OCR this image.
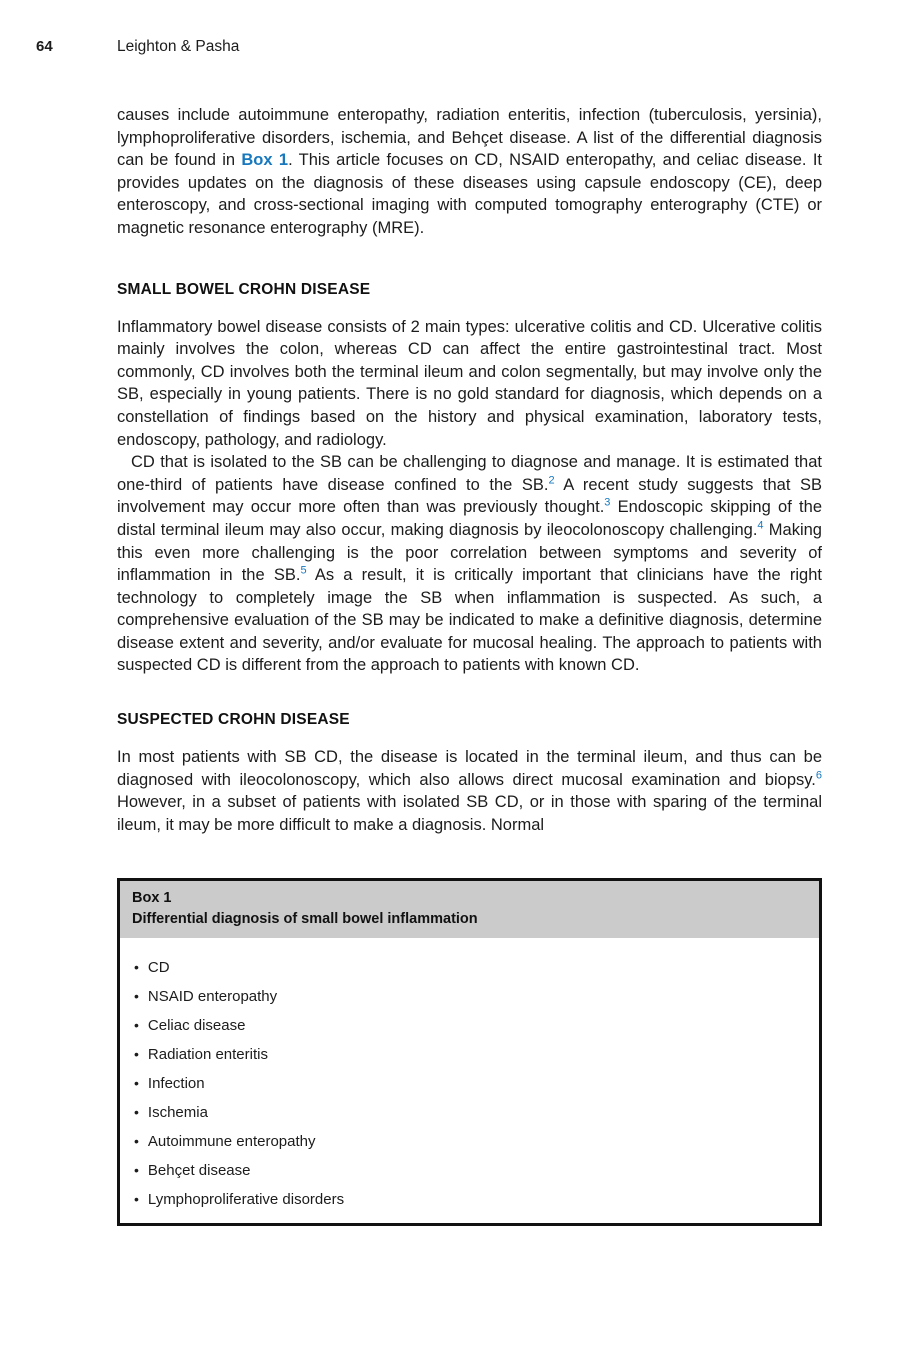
64	Leighton & Pasha

causes include autoimmune enteropathy, radiation enteritis, infection (tuberculosis, yersinia), lymphoproliferative disorders, ischemia, and Behçet disease. A list of the differential diagnosis can be found in Box 1. This article focuses on CD, NSAID enteropathy, and celiac disease. It provides updates on the diagnosis of these diseases using capsule endoscopy (CE), deep enteroscopy, and cross-sectional imaging with computed tomography enterography (CTE) or magnetic resonance enterography (MRE).

SMALL BOWEL CROHN DISEASE

Inflammatory bowel disease consists of 2 main types: ulcerative colitis and CD. Ulcerative colitis mainly involves the colon, whereas CD can affect the entire gastrointestinal tract. Most commonly, CD involves both the terminal ileum and colon segmentally, but may involve only the SB, especially in young patients. There is no gold standard for diagnosis, which depends on a constellation of findings based on the history and physical examination, laboratory tests, endoscopy, pathology, and radiology.

CD that is isolated to the SB can be challenging to diagnose and manage. It is estimated that one-third of patients have disease confined to the SB.$^2$ A recent study suggests that SB involvement may occur more often than was previously thought.$^3$ Endoscopic skipping of the distal terminal ileum may also occur, making diagnosis by ileocolonoscopy challenging.$^4$ Making this even more challenging is the poor correlation between symptoms and severity of inflammation in the SB.$^5$ As a result, it is critically important that clinicians have the right technology to completely image the SB when inflammation is suspected. As such, a comprehensive evaluation of the SB may be indicated to make a definitive diagnosis, determine disease extent and severity, and/or evaluate for mucosal healing. The approach to patients with suspected CD is different from the approach to patients with known CD.

SUSPECTED CROHN DISEASE

In most patients with SB CD, the disease is located in the terminal ileum, and thus can be diagnosed with ileocolonoscopy, which also allows direct mucosal examination and biopsy.$^6$ However, in a subset of patients with isolated SB CD, or in those with sparing of the terminal ileum, it may be more difficult to make a diagnosis. Normal

Box 1
Differential diagnosis of small bowel inflammation
• CD
• NSAID enteropathy
• Celiac disease
• Radiation enteritis
• Infection
• Ischemia
• Autoimmune enteropathy
• Behçet disease
• Lymphoproliferative disorders
